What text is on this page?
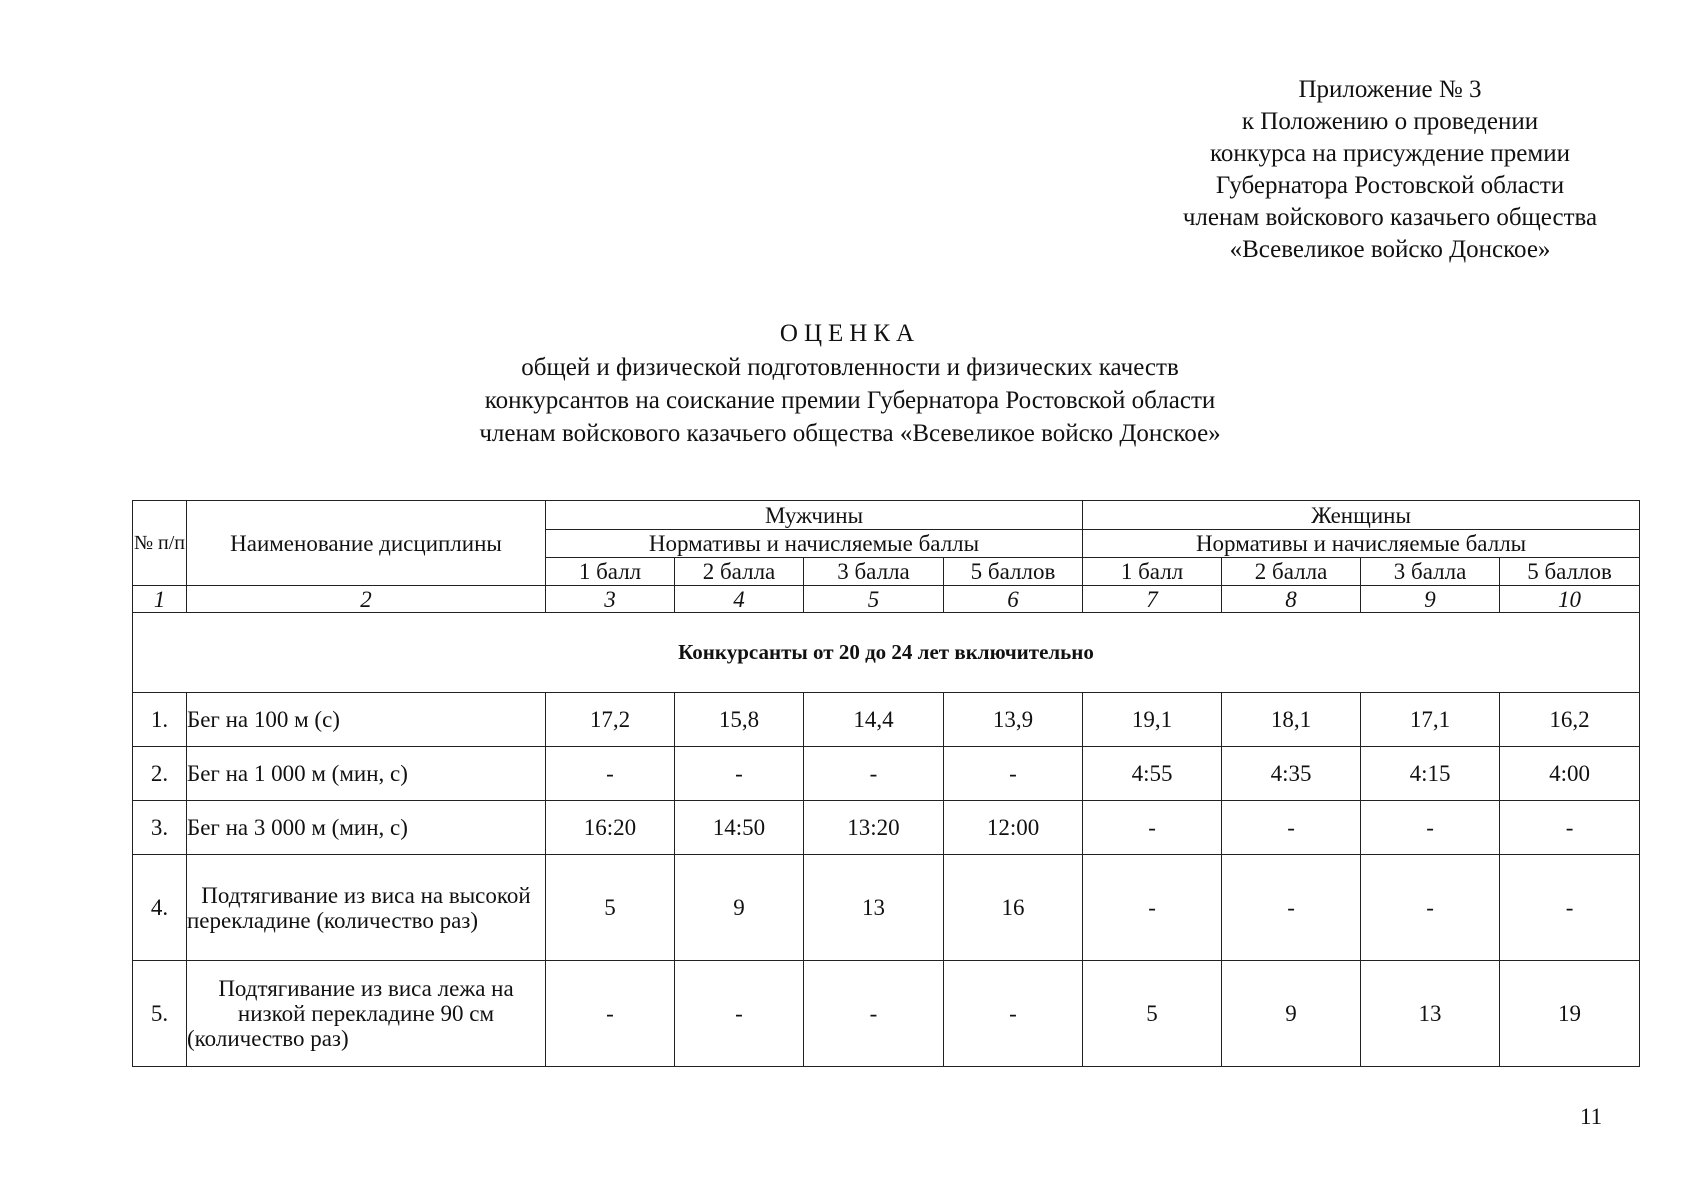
Приложение № 3
к Положению о проведении
конкурса на присуждение премии
Губернатора Ростовской области
членам войскового казачьего общества
«Всевеликое войско Донское»
ОЦЕНКА
общей и физической подготовленности и физических качеств
конкурсантов на соискание премии Губернатора Ростовской области
членам войскового казачьего общества «Всевеликое войско Донское»
№ п/п	Наименование дисциплины	Мужчины				Женщины			
		Нормативы и начисляемые баллы				Нормативы и начисляемые баллы			
		1 балл	2 балла	3 балла	5 баллов	1 балл	2 балла	3 балла	5 баллов
1	2	3	4	5	6	7	8	9	10
Конкурсанты от 20 до 24 лет включительно									
1.	Бег на 100 м (с)	17,2	15,8	14,4	13,9	19,1	18,1	17,1	16,2
2.	Бег на 1 000 м (мин, с)	-	-	-	-	4:55	4:35	4:15	4:00
3.	Бег на 3 000 м (мин, с)	16:20	14:50	13:20	12:00	-	-	-	-
4.	Подтягивание из виса на высокой перекладине (количество раз)	5	9	13	16	-	-	-	-
5.	Подтягивание из виса лежа на низкой перекладине 90 см (количество раз)	-	-	-	-	5	9	13	19
11
